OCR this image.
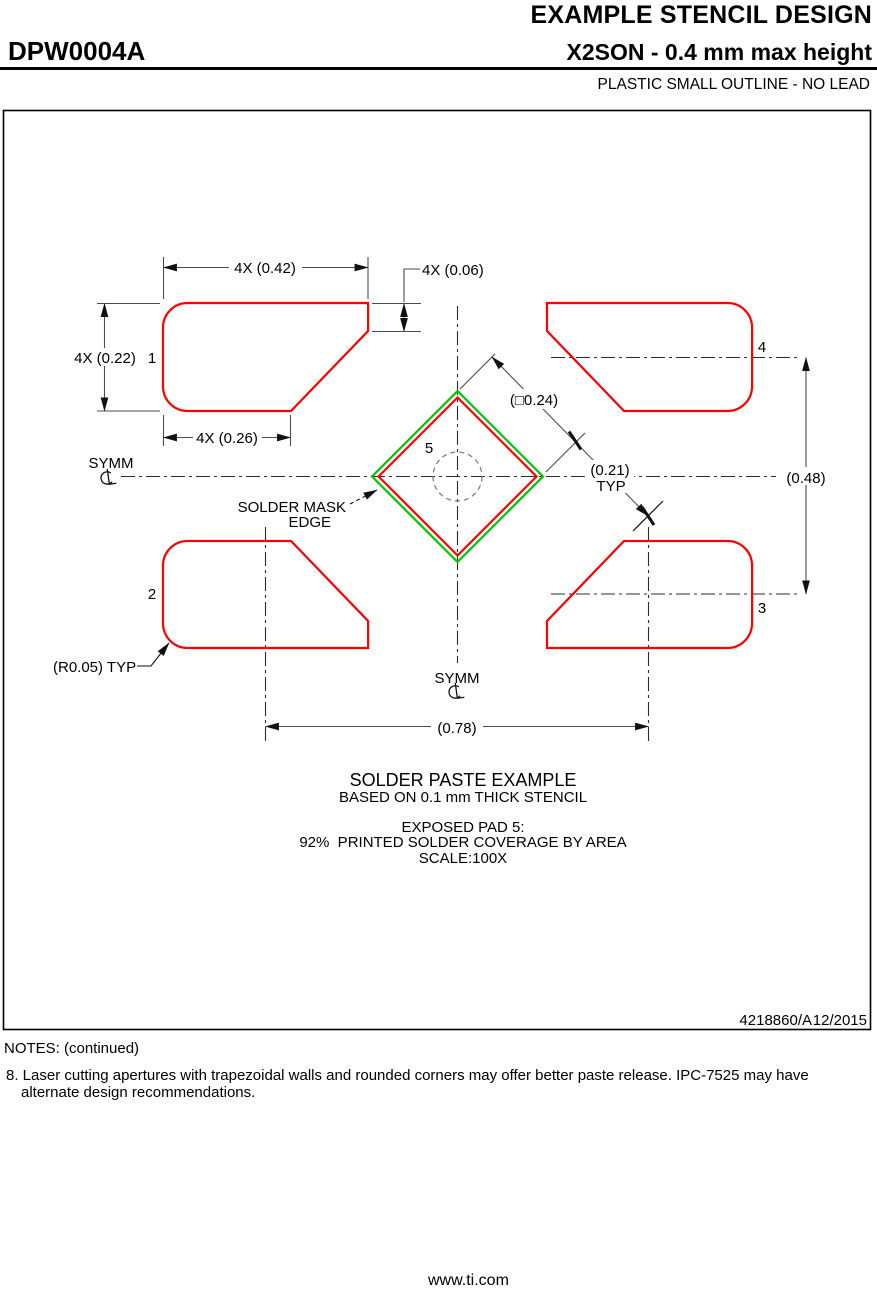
EXAMPLE STENCIL DESIGN
DPW0004A	X2SON - 0.4 mm max height
PLASTIC SMALL OUTLINE - NO LEAD
4X (0.42)	4X (0.06)
4X (0.22)
4X (0.26)
(□0.24)
(0.21)
TYP	(0.48)
(0.78)
(R0.05) TYP
SYMM
SYMM
SOLDER MASK
EDGE
1
2
3
4
5
4218860/A 12/2015
SOLDER PASTE EXAMPLE
BASED ON 0.1 mm THICK STENCIL
EXPOSED PAD 5:
92%  PRINTED SOLDER COVERAGE BY AREA
SCALE:100X
NOTES: (continued)
8. Laser cutting apertures with trapezoidal walls and rounded corners may offer better paste release. IPC-7525 may have alternate design recommendations.
www.ti.com
